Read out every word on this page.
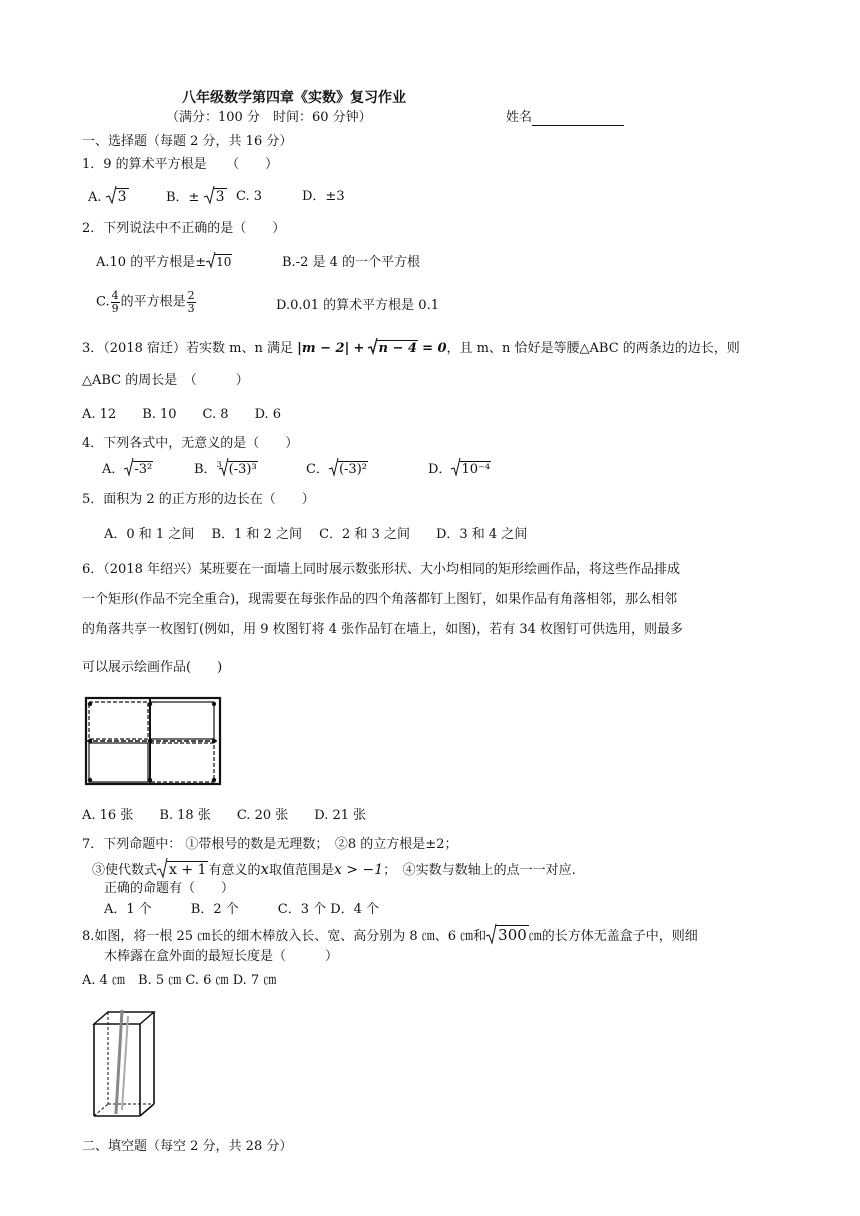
八年级数学第四章《实数》复习作业
（满分：100 分　时间：60 分钟）	姓名
一、选择题（每题 2 分，共 16 分）
1．9 的算术平方根是　　（　　）
A. 3	B．± 3 C. 3	D．±3
2．下列说法中不正确的是（　　）
A.10 的平方根是± 10	B.-2 是 4 的一个平方根
C. $\frac{4}{9}$ 的平方根是 $\frac{2}{3}$	D.0.01 的算术平方根是 0.1
3．（2018 宿迁）若实数 m、n 满足 |m − 2| + n − 4 = 0，且 m、n 恰好是等腰△ABC 的两条边的边长，则
△ABC 的周长是　（　　　）
A. 12　　B. 10　　C. 8　　D. 6
4．下列各式中，无意义的是（　　）
A． -3²	B．$^3$ (-3)³	C． (-3)²	D． 10⁻⁴
5．面积为 2 的正方形的边长在（　　）
A．0 和 1 之间　 B．1 和 2 之间　 C．2 和 3 之间　　D．3 和 4 之间
6．（2018 年绍兴）某班要在一面墙上同时展示数张形状、大小均相同的矩形绘画作品，将这些作品排成
一个矩形(作品不完全重合)，现需要在每张作品的四个角落都钉上图钉，如果作品有角落相邻，那么相邻
的角落共享一枚图钉(例如，用 9 枚图钉将 4 张作品钉在墙上，如图)，若有 34 枚图钉可供选用，则最多
可以展示绘画作品(　　)
A. 16 张　　B. 18 张　　C. 20 张　　D. 21 张
7．下列命题中： ①带根号的数是无理数；　②8 的立方根是±2；
③使代数式 x + 1 有意义的x取值范围是x > −1；　④实数与数轴上的点一一对应.
正确的命题有（　　）
A．1 个　　　B．2 个　　　C．3 个 D．4 个
8.如图，将一根 25 ㎝长的细木棒放入长、宽、高分别为 8 ㎝、6 ㎝和 300 ㎝的长方体无盖盒子中，则细
木棒露在盒外面的最短长度是（　　　）
A. 4 ㎝　B. 5 ㎝ C. 6 ㎝ D. 7 ㎝
二、填空题（每空 2 分，共 28 分）
